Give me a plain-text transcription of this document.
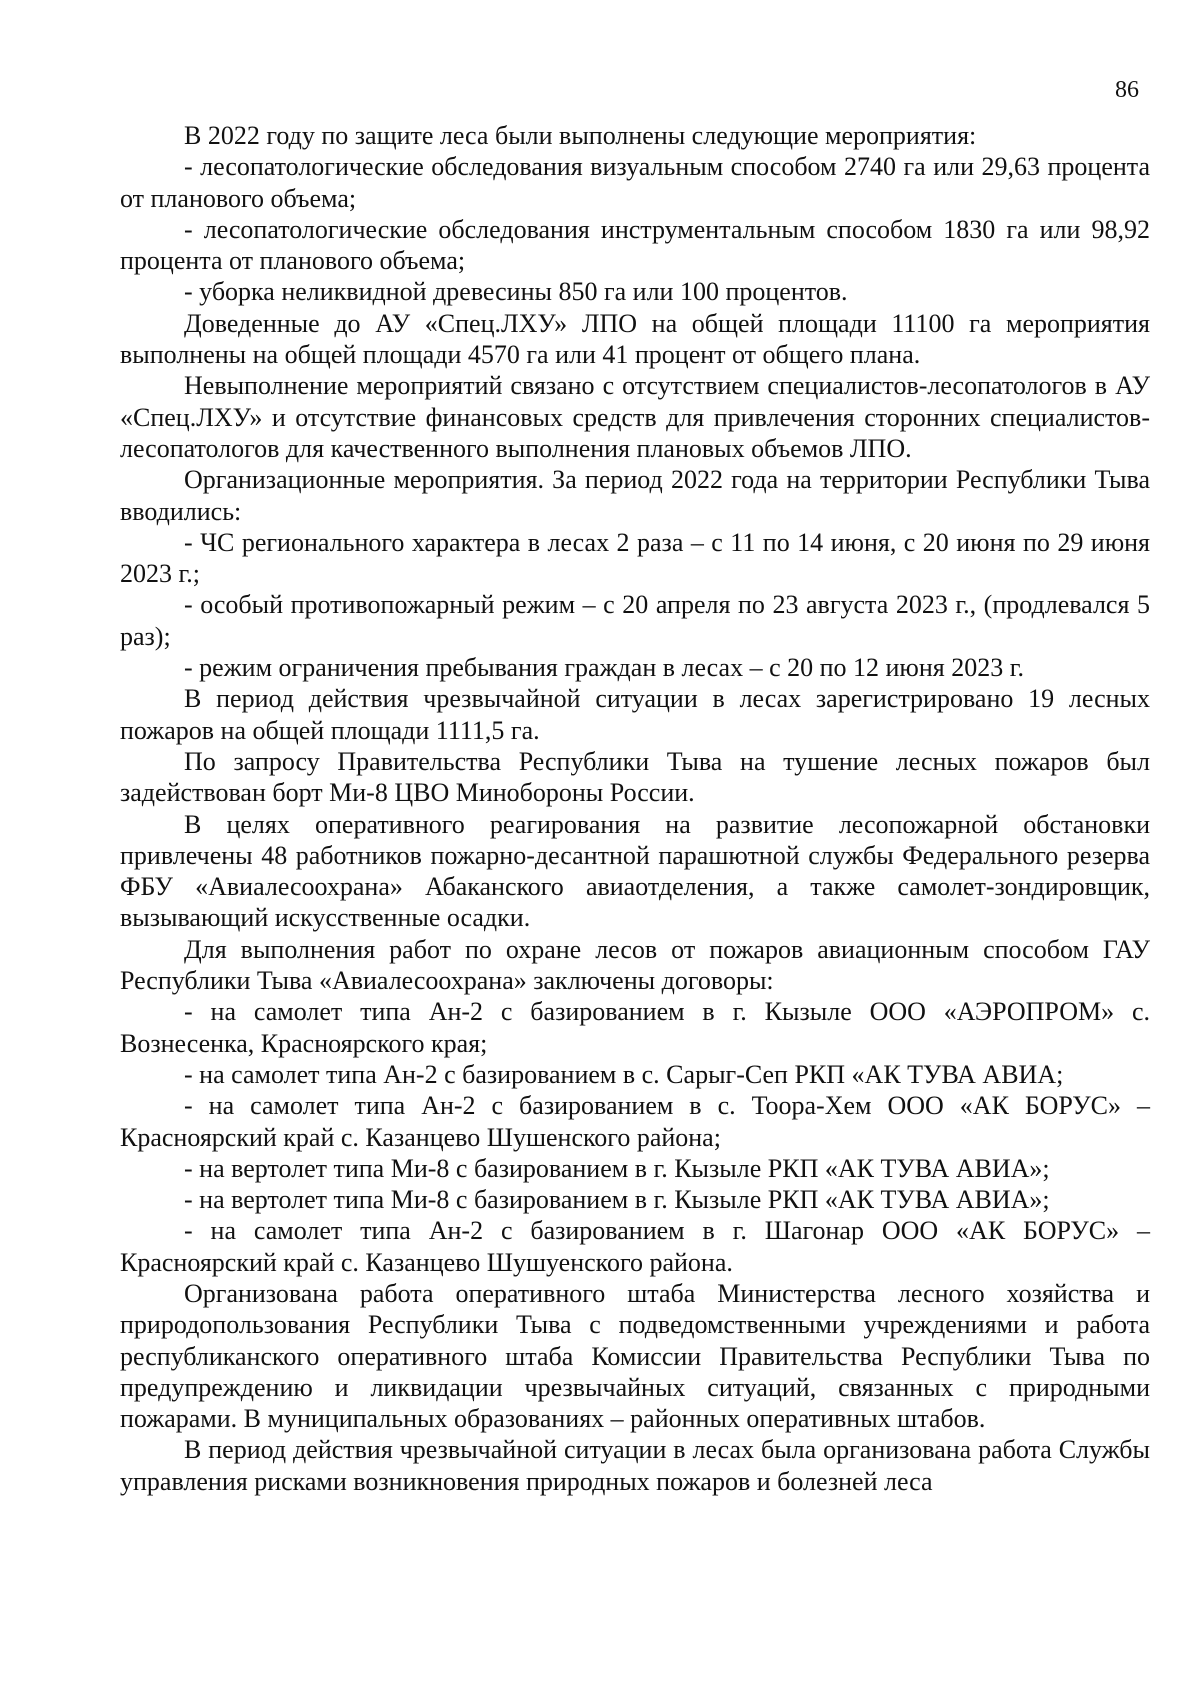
86

В 2022 году по защите леса были выполнены следующие мероприятия:

- лесопатологические обследования визуальным способом 2740 га или 29,63 процента от планового объема;

- лесопатологические обследования инструментальным способом 1830 га или 98,92 процента от планового объема;

- уборка неликвидной древесины 850 га или 100 процентов.

Доведенные до АУ «Спец.ЛХУ» ЛПО на общей площади 11100 га мероприятия выполнены на общей площади 4570 га или 41 процент от общего плана.

Невыполнение мероприятий связано с отсутствием специалистов-лесопатологов в АУ «Спец.ЛХУ» и отсутствие финансовых средств для привлечения сторонних специалистов-лесопатологов для качественного выполнения плановых объемов ЛПО.

Организационные мероприятия. За период 2022 года на территории Республики Тыва вводились:

- ЧС регионального характера в лесах 2 раза – с 11 по 14 июня, с 20 июня по 29 июня 2023 г.;

- особый противопожарный режим – с 20 апреля по 23 августа 2023 г., (продлевался 5 раз);

- режим ограничения пребывания граждан в лесах – с 20 по 12 июня 2023 г.

В период действия чрезвычайной ситуации в лесах зарегистрировано 19 лесных пожаров на общей площади 1111,5 га.

По запросу Правительства Республики Тыва на тушение лесных пожаров был задействован борт Ми-8 ЦВО Минобороны России.

В целях оперативного реагирования на развитие лесопожарной обстановки привлечены 48 работников пожарно-десантной парашютной службы Федерального резерва ФБУ «Авиалесоохрана» Абаканского авиаотделения, а также самолет-зондировщик, вызывающий искусственные осадки.

Для выполнения работ по охране лесов от пожаров авиационным способом ГАУ Республики Тыва «Авиалесоохрана» заключены договоры:

- на самолет типа Ан-2 с базированием в г. Кызыле ООО «АЭРОПРОМ» с. Вознесенка, Красноярского края;

- на самолет типа Ан-2 с базированием в с. Сарыг-Сеп РКП «АК ТУВА АВИА;

- на самолет типа Ан-2 с базированием в с. Тоора-Хем ООО «АК БОРУС» – Красноярский край с. Казанцево Шушенского района;

- на вертолет типа Ми-8 с базированием в г. Кызыле РКП «АК ТУВА АВИА»;

- на вертолет типа Ми-8 с базированием в г. Кызыле РКП «АК ТУВА АВИА»;

- на самолет типа Ан-2 с базированием в г. Шагонар ООО «АК БОРУС» – Красноярский край с. Казанцево Шушуенского района.

Организована работа оперативного штаба Министерства лесного хозяйства и природопользования Республики Тыва с подведомственными учреждениями и работа республиканского оперативного штаба Комиссии Правительства Республики Тыва по предупреждению и ликвидации чрезвычайных ситуаций, связанных с природными пожарами. В муниципальных образованиях – районных оперативных штабов.

В период действия чрезвычайной ситуации в лесах была организована работа Службы управления рисками возникновения природных пожаров и болезней леса
